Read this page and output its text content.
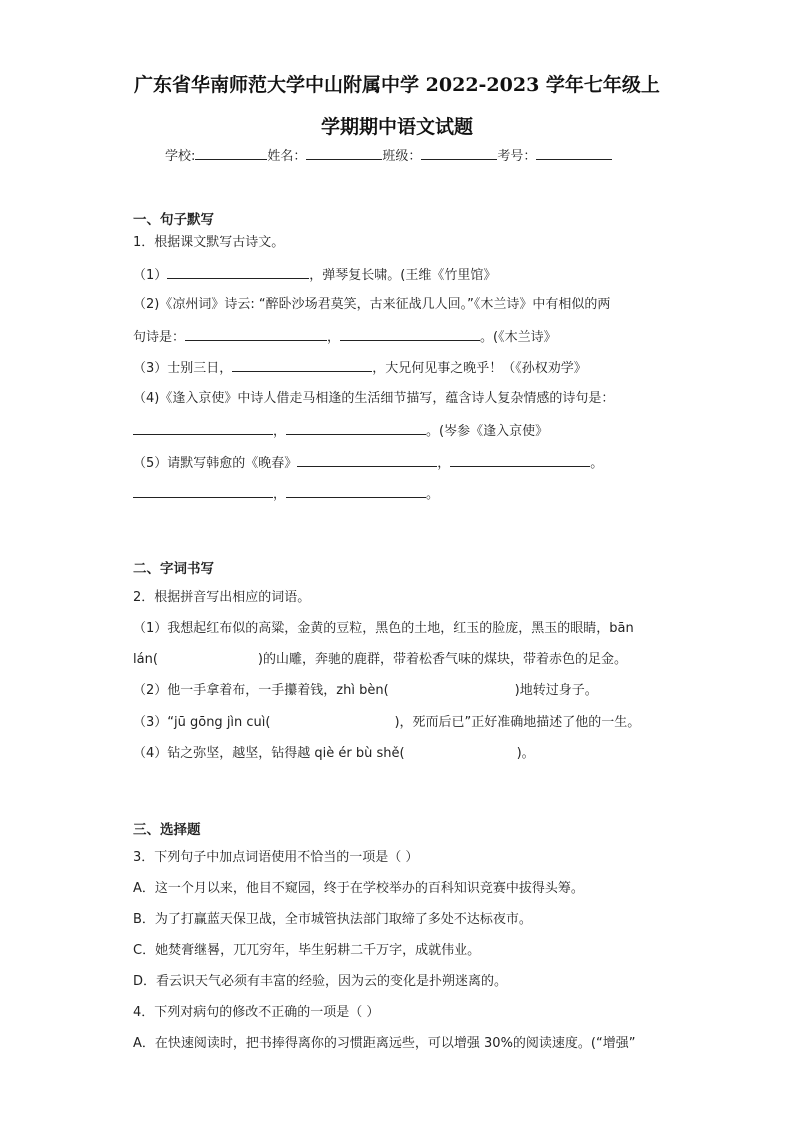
广东省华南师范大学中山附属中学 2022-2023 学年七年级上
学期期中语文试题
学校:	姓名：	班级：	考号：
一、句子默写
1．根据课文默写古诗文。
（1）	，弹琴复长啸。(王维《竹里馆》
（2)《凉州词》诗云: “醉卧沙场君莫笑，古来征战几人回。”《木兰诗》中有相似的两
句诗是：	，	。(《木兰诗》
（3）士别三日，	，大兄何见事之晚乎！（《孙权劝学》
（4)《逢入京使》中诗人借走马相逢的生活细节描写，蕴含诗人复杂情感的诗句是：
，	。(岑参《逢入京使》
（5）请默写韩愈的《晚春》	，	。
，	。
二、字词书写
2．根据拼音写出相应的词语。
（1）我想起红布似的高粱，金黄的豆粒，黑色的土地，红玉的脸庞，黑玉的眼睛，bān
lán(	)的山雕，奔驰的鹿群，带着松香气味的煤块，带着赤色的足金。
（2）他一手拿着布，一手攥着钱，zhì bèn(	)地转过身子。
（3）“jū gōng jìn cuì(	)，死而后已”正好准确地描述了他的一生。
（4）钻之弥坚，越坚，钻得越 qiè ér bù shě(	)。
三、选择题
3．下列句子中加点词语使用不恰当的一项是（ ）
A．这一个月以来，他目不窥园，终于在学校举办的百科知识竞赛中拔得头筹。
B．为了打赢蓝天保卫战，全市城管执法部门取缔了多处不达标夜市。
C．她焚膏继晷，兀兀穷年，毕生躬耕二千万字，成就伟业。
D．看云识天气必须有丰富的经验，因为云的变化是扑朔迷离的。
4．下列对病句的修改不正确的一项是（ ）
A．在快速阅读时，把书捧得离你的习惯距离远些，可以增强 30%的阅读速度。(“增强”
